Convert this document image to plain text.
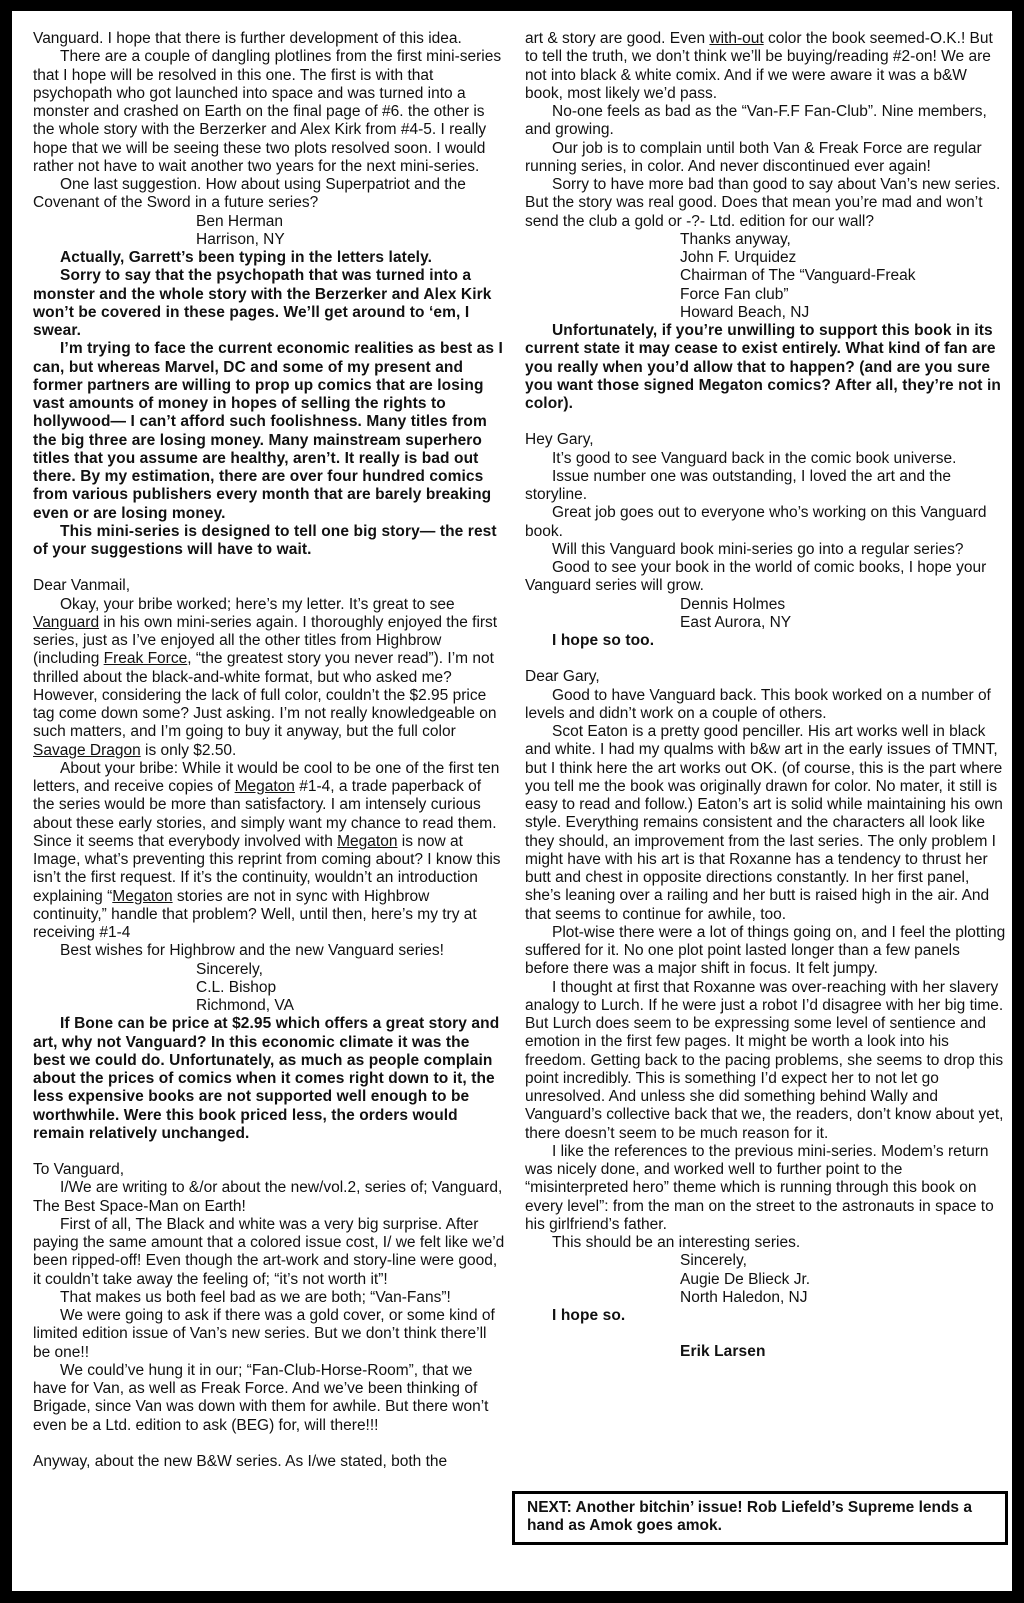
Vanguard. I hope that there is further development of this idea.

There are a couple of dangling plotlines from the first mini-series that I hope will be resolved in this one. The first is with that psychopath who got launched into space and was turned into a monster and crashed on Earth on the final page of #6. the other is the whole story with the Berzerker and Alex Kirk from #4-5. I really hope that we will be seeing these two plots resolved soon. I would rather not have to wait another two years for the next mini-series.

One last suggestion. How about using Superpatriot and the Covenant of the Sword in a future series?

Ben Herman

Harrison, NY

Actually, Garrett’s been typing in the letters lately.

Sorry to say that the psychopath that was turned into a monster and the whole story with the Berzerker and Alex Kirk won’t be covered in these pages. We’ll get around to ‘em, I swear.

I’m trying to face the current economic realities as best as I can, but whereas Marvel, DC and some of my present and former partners are willing to prop up comics that are losing vast amounts of money in hopes of selling the rights to hollywood— I can’t afford such foolishness. Many titles from the big three are losing money. Many mainstream superhero titles that you assume are healthy, aren’t. It really is bad out there. By my estimation, there are over four hundred comics from various publishers every month that are barely breaking even or are losing money.

This mini-series is designed to tell one big story— the rest of your suggestions will have to wait.

Dear Vanmail,

Okay, your bribe worked; here’s my letter. It’s great to see Vanguard in his own mini-series again. I thoroughly enjoyed the first series, just as I’ve enjoyed all the other titles from Highbrow (including Freak Force, “the greatest story you never read”). I’m not thrilled about the black-and-white format, but who asked me? However, considering the lack of full color, couldn’t the $2.95 price tag come down some? Just asking. I’m not really knowledgeable on such matters, and I’m going to buy it anyway, but the full color Savage Dragon is only $2.50.

About your bribe: While it would be cool to be one of the first ten letters, and receive copies of Megaton #1-4, a trade paperback of the series would be more than satisfactory. I am intensely curious about these early stories, and simply want my chance to read them. Since it seems that everybody involved with Megaton is now at Image, what’s preventing this reprint from coming about? I know this isn’t the first request. If it’s the continuity, wouldn’t an introduction explaining “Megaton stories are not in sync with Highbrow continuity,” handle that problem? Well, until then, here’s my try at receiving #1-4

Best wishes for Highbrow and the new Vanguard series!

Sincerely,

C.L. Bishop

Richmond, VA

If Bone can be price at $2.95 which offers a great story and art, why not Vanguard? In this economic climate it was the best we could do. Unfortunately, as much as people complain about the prices of comics when it comes right down to it, the less expensive books are not supported well enough to be worthwhile. Were this book priced less, the orders would remain relatively unchanged.

To Vanguard,

I/We are writing to &/or about the new/vol.2, series of; Vanguard, The Best Space-Man on Earth!

First of all, The Black and white was a very big surprise. After paying the same amount that a colored issue cost, I/ we felt like we’d been ripped-off! Even though the art-work and story-line were good, it couldn’t take away the feeling of; “it’s not worth it”!

That makes us both feel bad as we are both; “Van-Fans”!

We were going to ask if there was a gold cover, or some kind of limited edition issue of Van’s new series. But we don’t think there’ll be one!!

We could’ve hung it in our; “Fan-Club-Horse-Room”, that we have for Van, as well as Freak Force. And we’ve been thinking of Brigade, since Van was down with them for awhile. But there won’t even be a Ltd. edition to ask (BEG) for, will there!!!

Anyway, about the new B&W series. As I/we stated, both the

art & story are good. Even with-out color the book seemed-O.K.! But to tell the truth, we don’t think we’ll be buying/reading #2-on! We are not into black & white comix. And if we were aware it was a b&W book, most likely we’d pass.

No-one feels as bad as the “Van-F.F Fan-Club”. Nine members, and growing.

Our job is to complain until both Van & Freak Force are regular running series, in color. And never discontinued ever again!

Sorry to have more bad than good to say about Van’s new series. But the story was real good. Does that mean you’re mad and won’t send the club a gold or -?- Ltd. edition for our wall?

Thanks anyway,

John F. Urquidez

Chairman of The “Vanguard-Freak

Force Fan club”

Howard Beach, NJ

Unfortunately, if you’re unwilling to support this book in its current state it may cease to exist entirely. What kind of fan are you really when you’d allow that to happen? (and are you sure you want those signed Megaton comics? After all, they’re not in color).

Hey Gary,

It’s good to see Vanguard back in the comic book universe.

Issue number one was outstanding, I loved the art and the storyline.

Great job goes out to everyone who’s working on this Vanguard book.

Will this Vanguard book mini-series go into a regular series?

Good to see your book in the world of comic books, I hope your Vanguard series will grow.

Dennis Holmes

East Aurora, NY

I hope so too.

Dear Gary,

Good to have Vanguard back. This book worked on a number of levels and didn’t work on a couple of others.

Scot Eaton is a pretty good penciller. His art works well in black and white. I had my qualms with b&w art in the early issues of TMNT, but I think here the art works out OK. (of course, this is the part where you tell me the book was originally drawn for color. No mater, it still is easy to read and follow.) Eaton’s art is solid while maintaining his own style. Everything remains consistent and the characters all look like they should, an improvement from the last series. The only problem I might have with his art is that Roxanne has a tendency to thrust her butt and chest in opposite directions constantly. In her first panel, she’s leaning over a railing and her butt is raised high in the air. And that seems to continue for awhile, too.

Plot-wise there were a lot of things going on, and I feel the plotting suffered for it. No one plot point lasted longer than a few panels before there was a major shift in focus. It felt jumpy.

I thought at first that Roxanne was over-reaching with her slavery analogy to Lurch. If he were just a robot I’d disagree with her big time. But Lurch does seem to be expressing some level of sentience and emotion in the first few pages. It might be worth a look into his freedom. Getting back to the pacing problems, she seems to drop this point incredibly. This is something I’d expect her to not let go unresolved. And unless she did something behind Wally and Vanguard’s collective back that we, the readers, don’t know about yet, there doesn’t seem to be much reason for it.

I like the references to the previous mini-series. Modem’s return was nicely done, and worked well to further point to the “misinterpreted hero” theme which is running through this book on every level”: from the man on the street to the astronauts in space to his girlfriend’s father.

This should be an interesting series.

Sincerely,

Augie De Blieck Jr.

North Haledon, NJ

I hope so.

Erik Larsen

NEXT: Another bitchin’ issue! Rob Liefeld’s Supreme lends a hand as Amok goes amok.
